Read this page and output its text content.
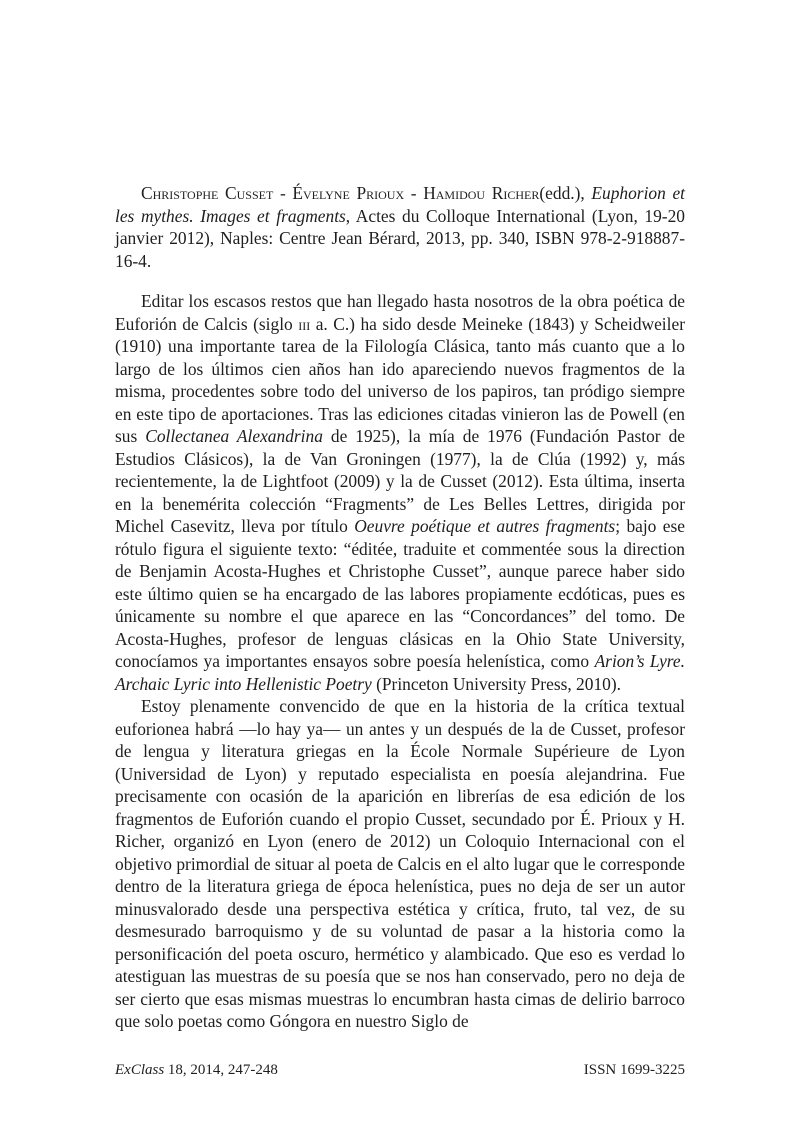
Christophe Cusset - Évelyne Prioux - Hamidou Richer(edd.), Euphorion et les mythes. Images et fragments, Actes du Colloque International (Lyon, 19-20 janvier 2012), Naples: Centre Jean Bérard, 2013, pp. 340, ISBN 978-2-918887-16-4.

Editar los escasos restos que han llegado hasta nosotros de la obra poética de Euforión de Calcis (siglo iii a. C.) ha sido desde Meineke (1843) y Scheidweiler (1910) una importante tarea de la Filología Clásica, tanto más cuanto que a lo largo de los últimos cien años han ido apareciendo nuevos fragmentos de la misma, procedentes sobre todo del universo de los papiros, tan pródigo siempre en este tipo de aportaciones. Tras las ediciones citadas vinieron las de Powell (en sus Collectanea Alexandrina de 1925), la mía de 1976 (Fundación Pastor de Estudios Clásicos), la de Van Groningen (1977), la de Clúa (1992) y, más recientemente, la de Lightfoot (2009) y la de Cusset (2012). Esta última, inserta en la benemérita colección “Fragments” de Les Belles Lettres, dirigida por Michel Casevitz, lleva por título Oeuvre poétique et autres fragments; bajo ese rótulo figura el siguiente texto: “éditée, traduite et commentée sous la direction de Benjamin Acosta-Hughes et Christophe Cusset”, aunque parece haber sido este último quien se ha encargado de las labores propiamente ecdóticas, pues es únicamente su nombre el que aparece en las “Concordances” del tomo. De Acosta-Hughes, profesor de lenguas clásicas en la Ohio State University, conocíamos ya importantes ensayos sobre poesía helenística, como Arion’s Lyre. Archaic Lyric into Hellenistic Poetry (Princeton University Press, 2010).

Estoy plenamente convencido de que en la historia de la crítica textual euforionea habrá —lo hay ya— un antes y un después de la de Cusset, profesor de lengua y literatura griegas en la École Normale Supérieure de Lyon (Universidad de Lyon) y reputado especialista en poesía alejandrina. Fue precisamente con ocasión de la aparición en librerías de esa edición de los fragmentos de Euforión cuando el propio Cusset, secundado por É. Prioux y H. Richer, organizó en Lyon (enero de 2012) un Coloquio Internacional con el objetivo primordial de situar al poeta de Calcis en el alto lugar que le corresponde dentro de la literatura griega de época helenística, pues no deja de ser un autor minusvalorado desde una perspectiva estética y crítica, fruto, tal vez, de su desmesurado barroquismo y de su voluntad de pasar a la historia como la personificación del poeta oscuro, hermético y alambicado. Que eso es verdad lo atestiguan las muestras de su poesía que se nos han conservado, pero no deja de ser cierto que esas mismas muestras lo encumbran hasta cimas de delirio barroco que solo poetas como Góngora en nuestro Siglo de

ExClass 18, 2014, 247-248	ISSN 1699-3225
